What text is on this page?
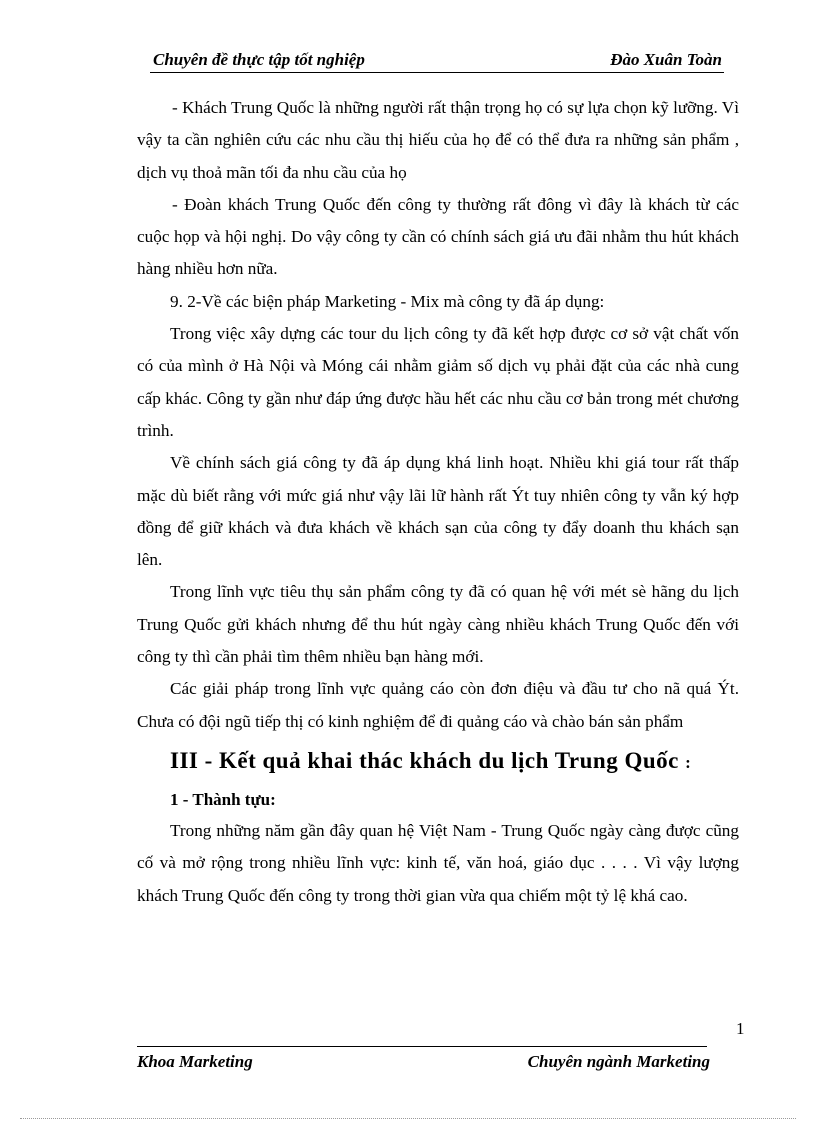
Chuyên đề thực tập tốt nghiệp	Đào Xuân Toàn

- Khách Trung Quốc là những người rất thận trọng họ có sự lựa chọn kỹ lưỡng. Vì vậy ta cần nghiên cứu các nhu cầu thị hiếu của họ để có thể đưa ra những sản phẩm , dịch vụ thoả mãn tối đa nhu cầu của họ

- Đoàn khách Trung Quốc đến công ty thường rất đông vì đây là khách từ các cuộc họp và hội nghị. Do vậy công ty cần có chính sách giá ưu đãi nhằm thu hút khách hàng nhiều hơn nữa.

9. 2-Về các biện pháp Marketing - Mix mà công ty đã áp dụng:

Trong việc xây dựng các tour du lịch công ty đã kết hợp được cơ sở vật chất vốn có của mình ở Hà Nội và Móng cái nhằm giảm số dịch vụ phải đặt của các nhà cung cấp khác. Công ty gần như đáp ứng được hầu hết các nhu cầu cơ bản trong mét chương trình.

Về chính sách giá công ty đã áp dụng khá linh hoạt. Nhiều khi giá tour rất thấp mặc dù biết rằng với mức giá như vậy lãi lữ hành rất Ýt tuy nhiên công ty vẫn ký hợp đồng để giữ khách và đưa khách về khách sạn của công ty đẩy doanh thu khách sạn lên.

Trong lĩnh vực tiêu thụ sản phẩm công ty đã có quan hệ với mét sè hãng du lịch Trung Quốc gửi khách nhưng để thu hút ngày càng nhiều khách Trung Quốc đến với công ty thì cần phải tìm thêm nhiều bạn hàng mới.

Các giải pháp trong lĩnh vực quảng cáo còn đơn điệu và đầu tư cho nã quá Ýt. Chưa có đội ngũ tiếp thị có kinh nghiệm để đi quảng cáo và chào bán sản phẩm

III - Kết quả khai thác khách du lịch Trung Quốc :
1 - Thành tựu:

Trong những năm gần đây quan hệ Việt Nam - Trung Quốc ngày càng được cũng cố và mở rộng trong nhiều lĩnh vực: kinh tế, văn hoá, giáo dục . . . . Vì vậy lượng khách Trung Quốc đến công ty trong thời gian vừa qua chiếm một tỷ lệ khá cao.

1
Khoa Marketing	Chuyên ngành Marketing
